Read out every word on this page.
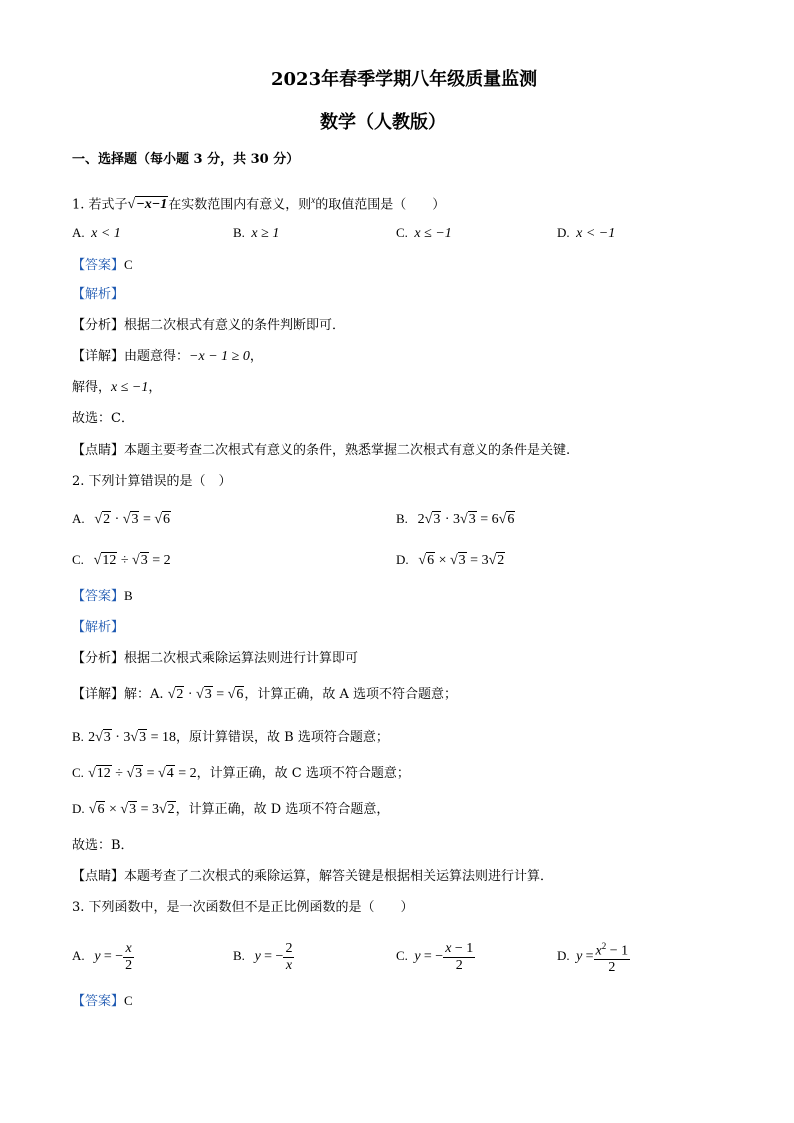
2023年春季学期八年级质量监测
数学（人教版）
一、选择题（每小题 3 分，共 30 分）
1. 若式子√−x−1在实数范围内有意义，则$^x$的取值范围是（　　）
A. x < 1	B. x ≥ 1	C. x ≤ −1	D. x < −1
【答案】C
【解析】
【分析】根据二次根式有意义的条件判断即可．
【详解】由题意得：−x − 1 ≥ 0，
解得，x ≤ −1，
故选：C．
【点睛】本题主要考查二次根式有意义的条件，熟悉掌握二次根式有意义的条件是关键.
2. 下列计算错误的是（　）
A. √2 · √3 = √6	B. 2√3 · 3√3 = 6√6
C. √12 ÷ √3 = 2	D. √6 × √3 = 3√2
【答案】B
【解析】
【分析】根据二次根式乘除运算法则进行计算即可
【详解】解：A. √2 · √3 = √6，计算正确，故 A 选项不符合题意；
B. 2√3 · 3√3 = 18，原计算错误，故 B 选项符合题意；
C. √12 ÷ √3 = √4 = 2，计算正确，故 C 选项不符合题意；
D. √6 × √3 = 3√2，计算正确，故 D 选项不符合题意，
故选：B．
【点睛】本题考查了二次根式的乘除运算，解答关键是根据相关运算法则进行计算．
3. 下列函数中，是一次函数但不是正比例函数的是（　　）
A. y = − $\frac{x}{2}$	B. y = − $\frac{2}{x}$	C. y = − $\frac{x - 1}{2}$	D. $y = \frac{x^2 - 1}{2}$
【答案】C
